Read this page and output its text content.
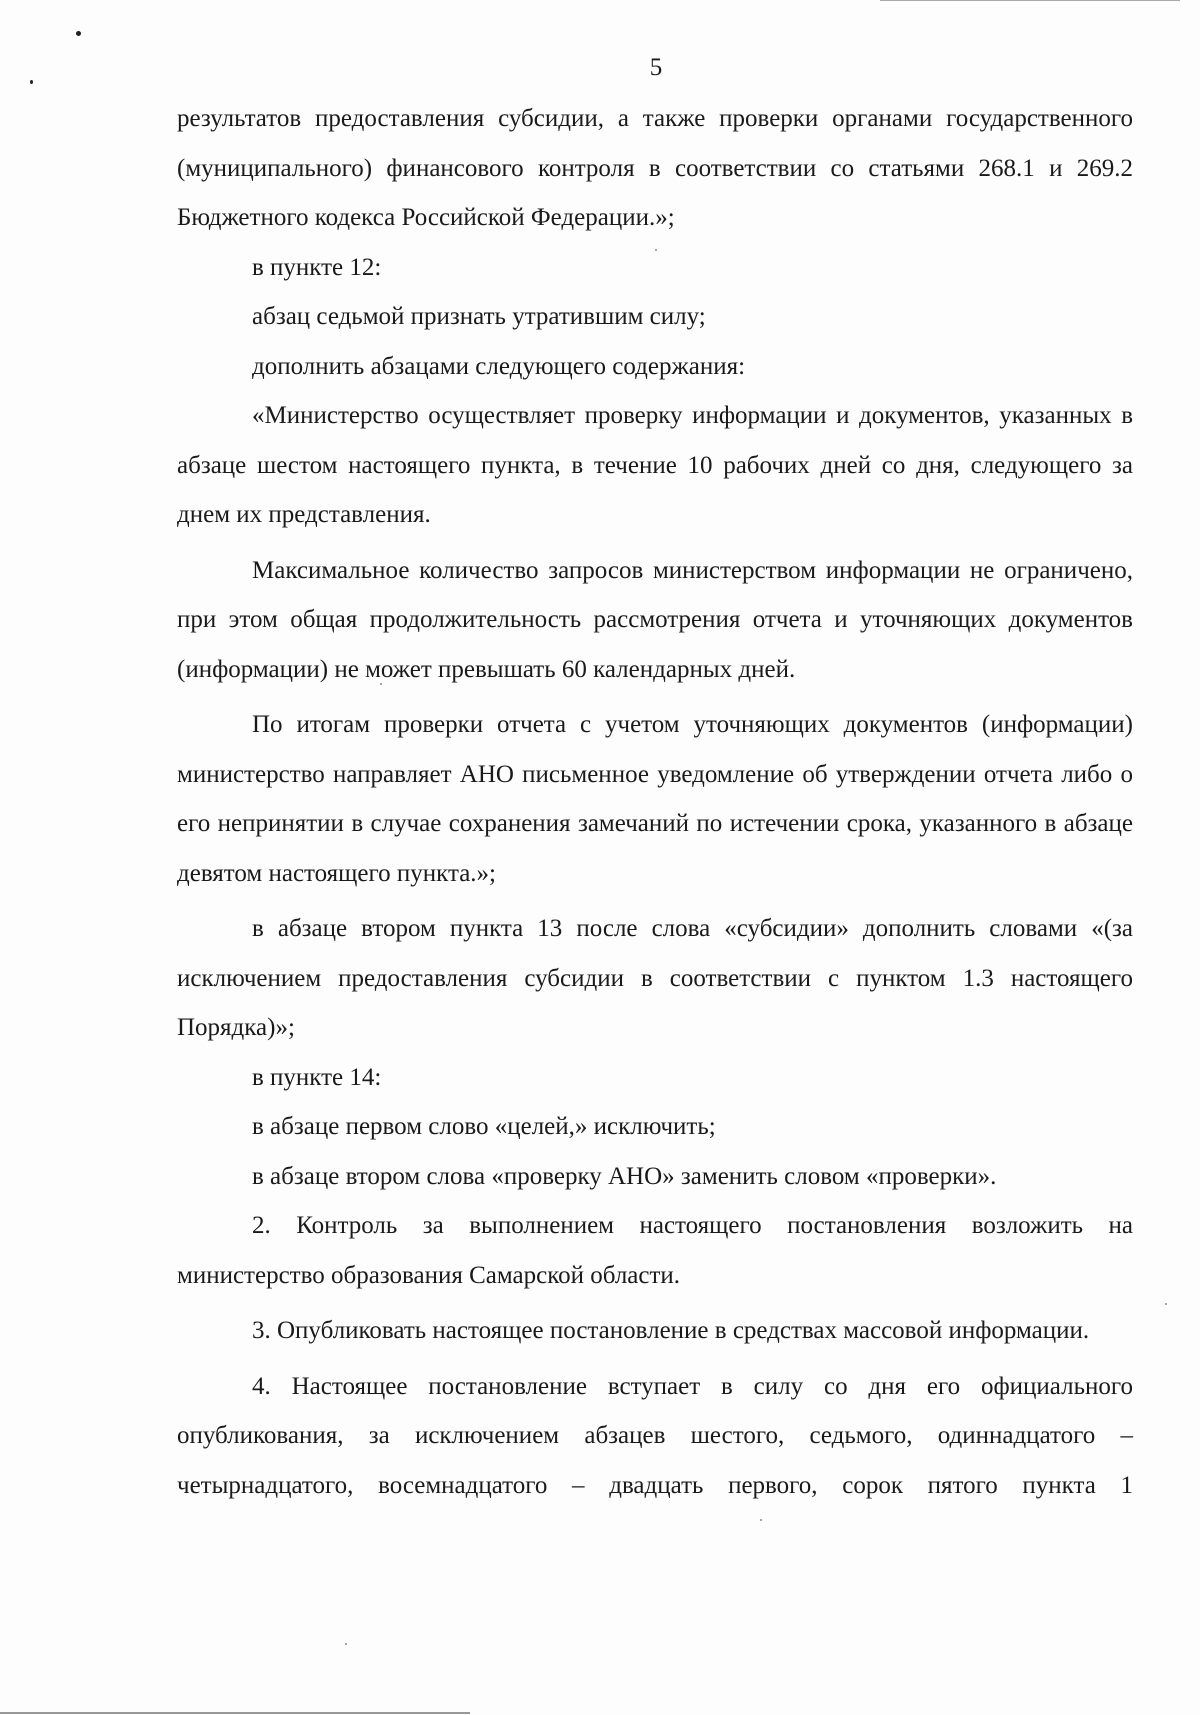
5

результатов предоставления субсидии, а также проверки органами государственного (муниципального) финансового контроля в соответствии со статьями 268.1 и 269.2 Бюджетного кодекса Российской Федерации.»;

в пункте 12:

абзац седьмой признать утратившим силу;

дополнить абзацами следующего содержания:

«Министерство осуществляет проверку информации и документов, указанных в абзаце шестом настоящего пункта, в течение 10 рабочих дней со дня, следующего за днем их представления.

Максимальное количество запросов министерством информации не ограничено, при этом общая продолжительность рассмотрения отчета и уточняющих документов (информации) не может превышать 60 календарных дней.

По итогам проверки отчета с учетом уточняющих документов (информации) министерство направляет АНО письменное уведомление об утверждении отчета либо о его непринятии в случае сохранения замечаний по истечении срока, указанного в абзаце девятом настоящего пункта.»;

в абзаце втором пункта 13 после слова «субсидии» дополнить словами «(за исключением предоставления субсидии в соответствии с пунктом 1.3 настоящего Порядка)»;

в пункте 14:

в абзаце первом слово «целей,» исключить;

в абзаце втором слова «проверку АНО» заменить словом «проверки».

2. Контроль за выполнением настоящего постановления возложить на министерство образования Самарской области.

3. Опубликовать настоящее постановление в средствах массовой информации.

4. Настоящее постановление вступает в силу со дня его официального опубликования, за исключением абзацев шестого, седьмого, одиннадцатого – четырнадцатого, восемнадцатого – двадцать первого, сорок пятого пункта 1
